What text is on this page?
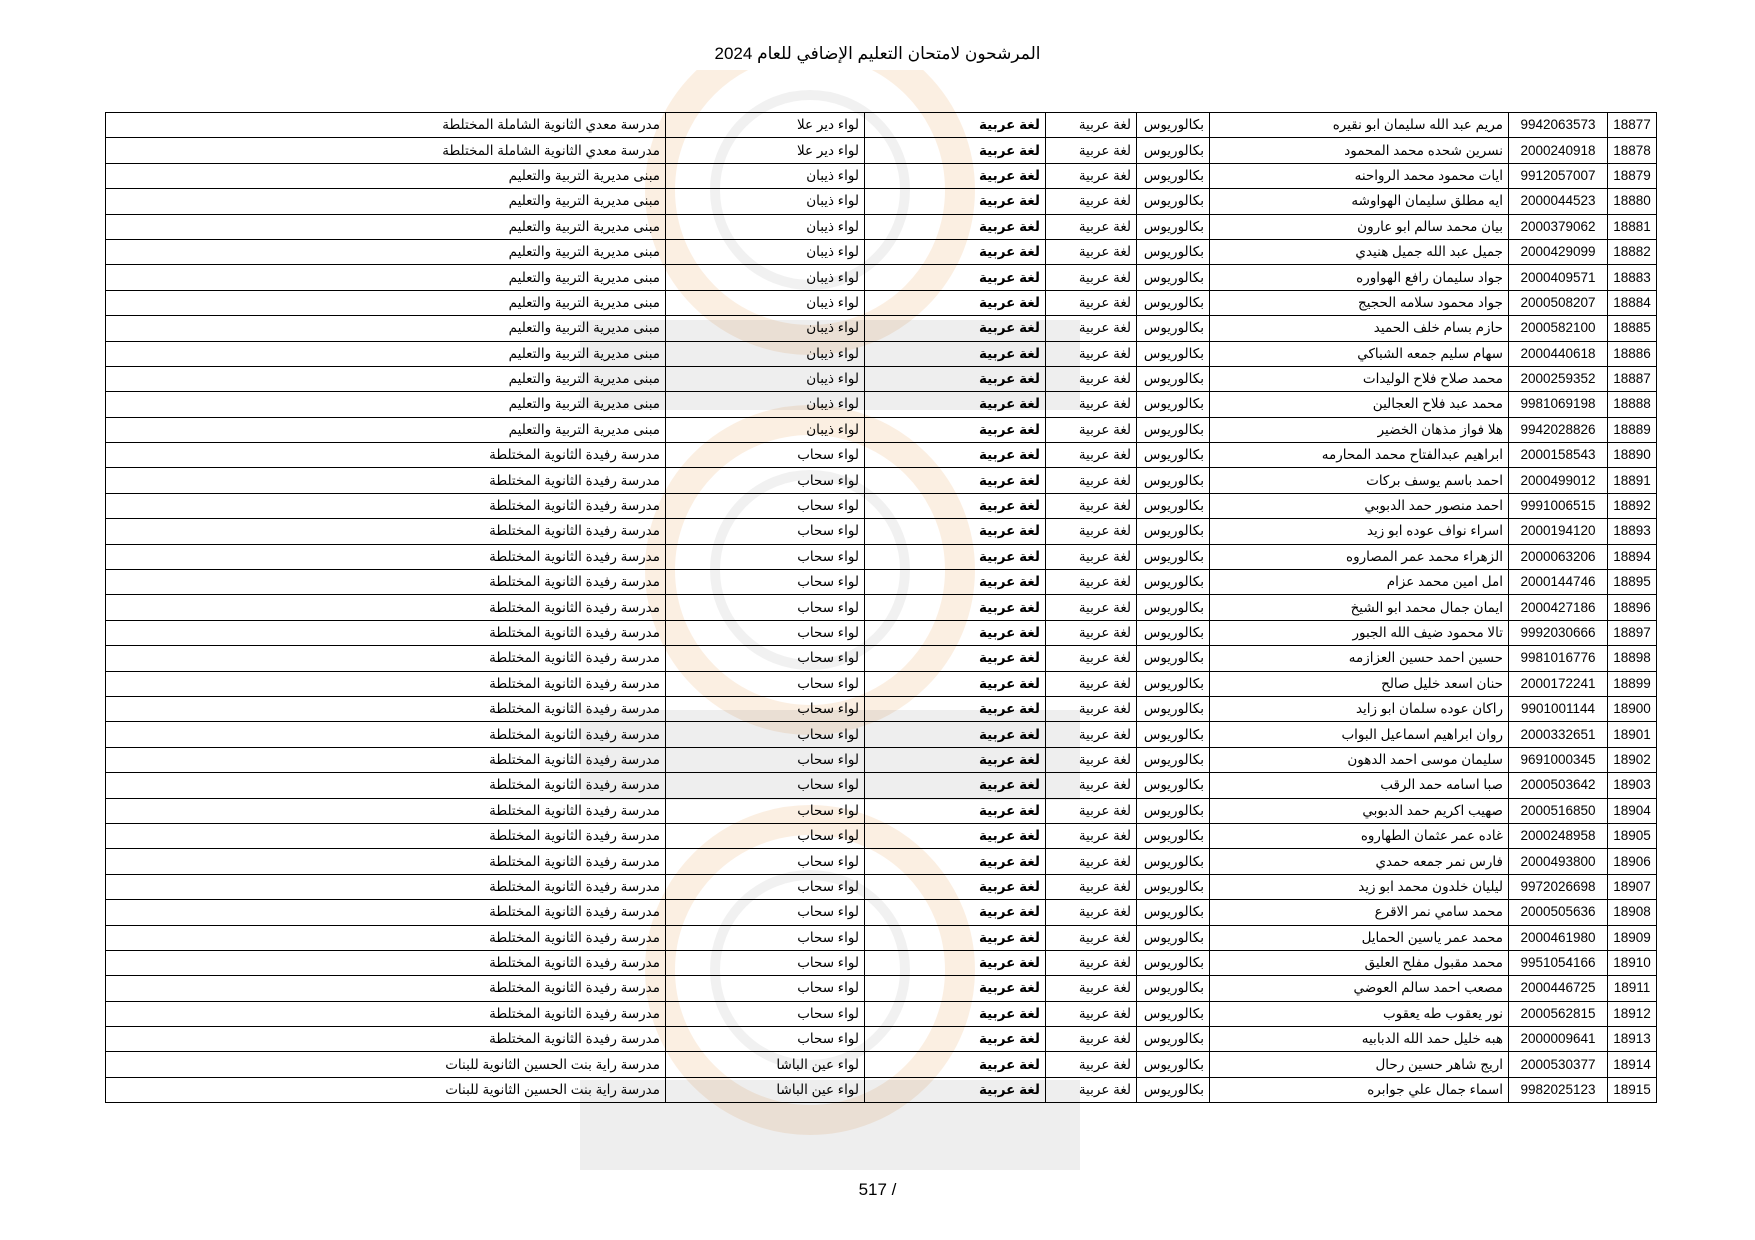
المرشحون لامتحان التعليم الإضافي للعام 2024
18877	9942063573	مريم عبد الله سليمان ابو نقيره	بكالوريوس	لغة عربية	لغة عربية	لواء دير علا	مدرسة معدي الثانوية الشاملة المختلطة
18878	2000240918	نسرين شحده محمد المحمود	بكالوريوس	لغة عربية	لغة عربية	لواء دير علا	مدرسة معدي الثانوية الشاملة المختلطة
18879	9912057007	ايات محمود محمد الرواحنه	بكالوريوس	لغة عربية	لغة عربية	لواء ذيبان	مبنى مديرية التربية والتعليم
18880	2000044523	ايه مطلق سليمان الهواوشه	بكالوريوس	لغة عربية	لغة عربية	لواء ذيبان	مبنى مديرية التربية والتعليم
18881	2000379062	بيان محمد سالم ابو عارون	بكالوريوس	لغة عربية	لغة عربية	لواء ذيبان	مبنى مديرية التربية والتعليم
18882	2000429099	جميل عبد الله جميل هنيدي	بكالوريوس	لغة عربية	لغة عربية	لواء ذيبان	مبنى مديرية التربية والتعليم
18883	2000409571	جواد سليمان رافع الهواوره	بكالوريوس	لغة عربية	لغة عربية	لواء ذيبان	مبنى مديرية التربية والتعليم
18884	2000508207	جواد محمود سلامه الحجيج	بكالوريوس	لغة عربية	لغة عربية	لواء ذيبان	مبنى مديرية التربية والتعليم
18885	2000582100	حازم بسام خلف الحميد	بكالوريوس	لغة عربية	لغة عربية	لواء ذيبان	مبنى مديرية التربية والتعليم
18886	2000440618	سهام سليم جمعه الشباكي	بكالوريوس	لغة عربية	لغة عربية	لواء ذيبان	مبنى مديرية التربية والتعليم
18887	2000259352	محمد صلاح فلاح الوليدات	بكالوريوس	لغة عربية	لغة عربية	لواء ذيبان	مبنى مديرية التربية والتعليم
18888	9981069198	محمد عبد فلاح العجالين	بكالوريوس	لغة عربية	لغة عربية	لواء ذيبان	مبنى مديرية التربية والتعليم
18889	9942028826	هلا فواز مذهان الخضير	بكالوريوس	لغة عربية	لغة عربية	لواء ذيبان	مبنى مديرية التربية والتعليم
18890	2000158543	ابراهيم عبدالفتاح محمد المحارمه	بكالوريوس	لغة عربية	لغة عربية	لواء سحاب	مدرسة رفيدة الثانوية المختلطة
18891	2000499012	احمد باسم يوسف بركات	بكالوريوس	لغة عربية	لغة عربية	لواء سحاب	مدرسة رفيدة الثانوية المختلطة
18892	9991006515	احمد منصور حمد الدبوبي	بكالوريوس	لغة عربية	لغة عربية	لواء سحاب	مدرسة رفيدة الثانوية المختلطة
18893	2000194120	اسراء نواف عوده ابو زيد	بكالوريوس	لغة عربية	لغة عربية	لواء سحاب	مدرسة رفيدة الثانوية المختلطة
18894	2000063206	الزهراء محمد عمر المصاروه	بكالوريوس	لغة عربية	لغة عربية	لواء سحاب	مدرسة رفيدة الثانوية المختلطة
18895	2000144746	امل امين محمد عزام	بكالوريوس	لغة عربية	لغة عربية	لواء سحاب	مدرسة رفيدة الثانوية المختلطة
18896	2000427186	ايمان جمال محمد ابو الشيخ	بكالوريوس	لغة عربية	لغة عربية	لواء سحاب	مدرسة رفيدة الثانوية المختلطة
18897	9992030666	تالا محمود ضيف الله الجبور	بكالوريوس	لغة عربية	لغة عربية	لواء سحاب	مدرسة رفيدة الثانوية المختلطة
18898	9981016776	حسين احمد حسين العزازمه	بكالوريوس	لغة عربية	لغة عربية	لواء سحاب	مدرسة رفيدة الثانوية المختلطة
18899	2000172241	حنان اسعد خليل صالح	بكالوريوس	لغة عربية	لغة عربية	لواء سحاب	مدرسة رفيدة الثانوية المختلطة
18900	9901001144	راكان عوده سلمان ابو زايد	بكالوريوس	لغة عربية	لغة عربية	لواء سحاب	مدرسة رفيدة الثانوية المختلطة
18901	2000332651	روان ابراهيم اسماعيل البواب	بكالوريوس	لغة عربية	لغة عربية	لواء سحاب	مدرسة رفيدة الثانوية المختلطة
18902	9691000345	سليمان موسى احمد الدهون	بكالوريوس	لغة عربية	لغة عربية	لواء سحاب	مدرسة رفيدة الثانوية المختلطة
18903	2000503642	صبا اسامه حمد الرقب	بكالوريوس	لغة عربية	لغة عربية	لواء سحاب	مدرسة رفيدة الثانوية المختلطة
18904	2000516850	صهيب اكريم حمد الدبوبي	بكالوريوس	لغة عربية	لغة عربية	لواء سحاب	مدرسة رفيدة الثانوية المختلطة
18905	2000248958	غاده عمر عثمان الطهاروه	بكالوريوس	لغة عربية	لغة عربية	لواء سحاب	مدرسة رفيدة الثانوية المختلطة
18906	2000493800	فارس نمر جمعه حمدي	بكالوريوس	لغة عربية	لغة عربية	لواء سحاب	مدرسة رفيدة الثانوية المختلطة
18907	9972026698	ليليان خلدون محمد ابو زيد	بكالوريوس	لغة عربية	لغة عربية	لواء سحاب	مدرسة رفيدة الثانوية المختلطة
18908	2000505636	محمد سامي نمر الاقرع	بكالوريوس	لغة عربية	لغة عربية	لواء سحاب	مدرسة رفيدة الثانوية المختلطة
18909	2000461980	محمد عمر ياسين الحمايل	بكالوريوس	لغة عربية	لغة عربية	لواء سحاب	مدرسة رفيدة الثانوية المختلطة
18910	9951054166	محمد مقبول مفلح العليق	بكالوريوس	لغة عربية	لغة عربية	لواء سحاب	مدرسة رفيدة الثانوية المختلطة
18911	2000446725	مصعب احمد سالم العوضي	بكالوريوس	لغة عربية	لغة عربية	لواء سحاب	مدرسة رفيدة الثانوية المختلطة
18912	2000562815	نور يعقوب طه يعقوب	بكالوريوس	لغة عربية	لغة عربية	لواء سحاب	مدرسة رفيدة الثانوية المختلطة
18913	2000009641	هبه خليل حمد الله الدبابيه	بكالوريوس	لغة عربية	لغة عربية	لواء سحاب	مدرسة رفيدة الثانوية المختلطة
18914	2000530377	اريج شاهر حسين رحال	بكالوريوس	لغة عربية	لغة عربية	لواء عين الباشا	مدرسة راية بنت الحسين الثانوية للبنات
18915	9982025123	اسماء جمال علي جوابره	بكالوريوس	لغة عربية	لغة عربية	لواء عين الباشا	مدرسة راية بنت الحسين الثانوية للبنات
517 /
